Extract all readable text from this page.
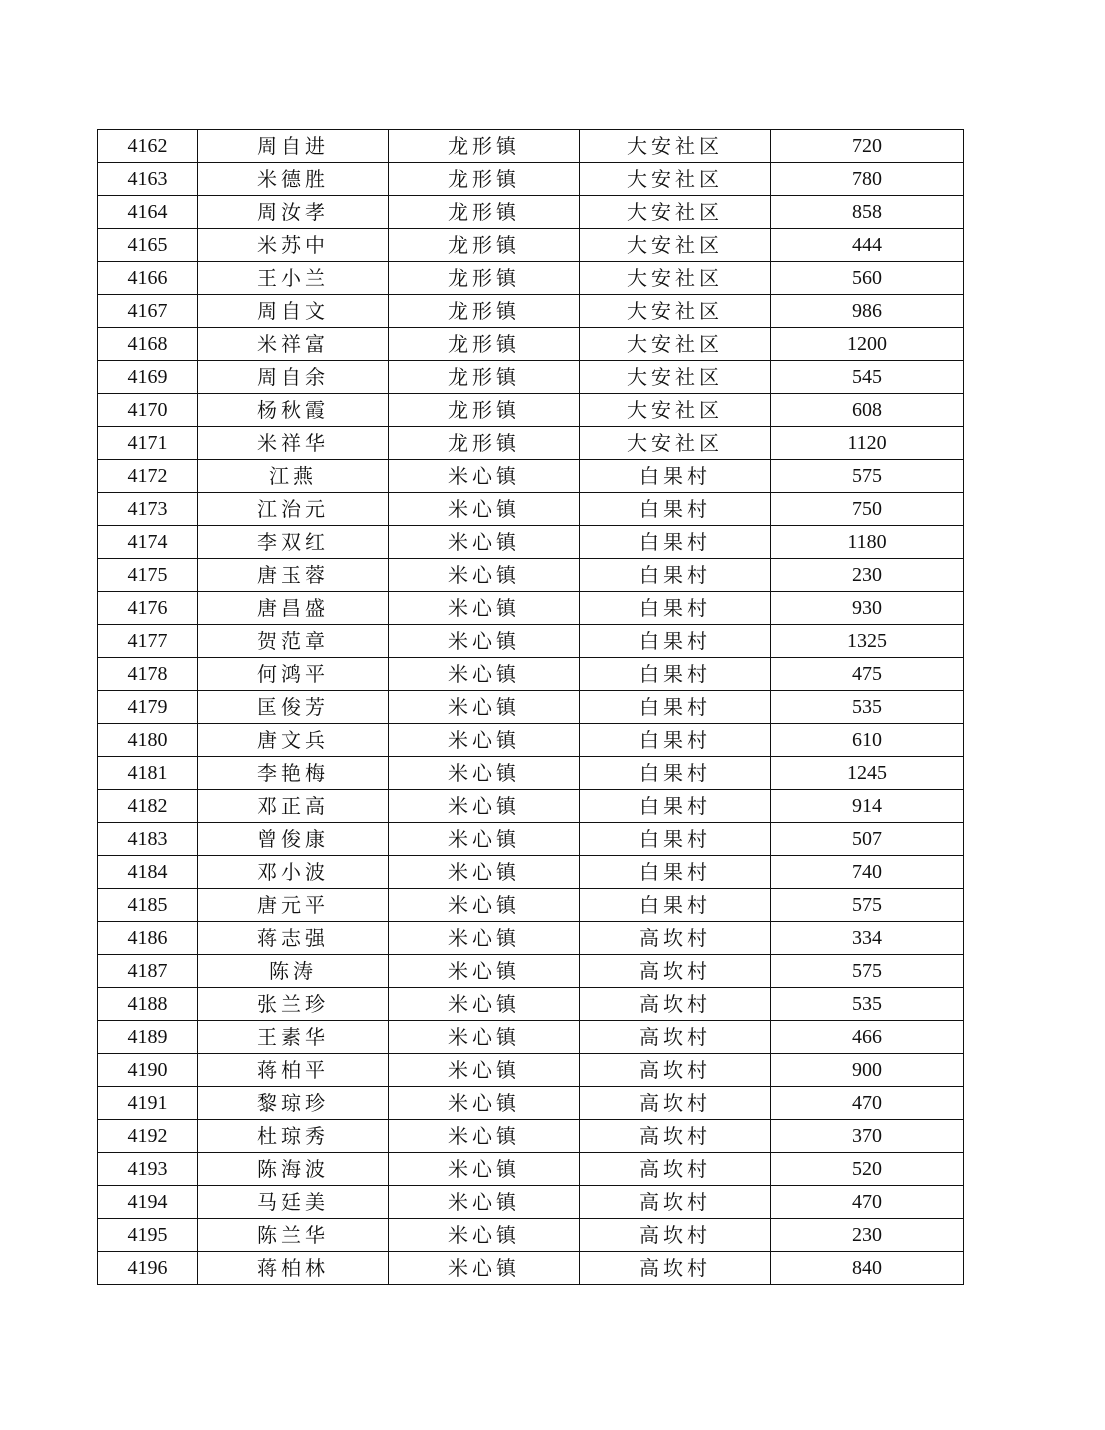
4162	周自进	龙形镇	大安社区	720
4163	米德胜	龙形镇	大安社区	780
4164	周汝孝	龙形镇	大安社区	858
4165	米苏中	龙形镇	大安社区	444
4166	王小兰	龙形镇	大安社区	560
4167	周自文	龙形镇	大安社区	986
4168	米祥富	龙形镇	大安社区	1200
4169	周自余	龙形镇	大安社区	545
4170	杨秋霞	龙形镇	大安社区	608
4171	米祥华	龙形镇	大安社区	1120
4172	江燕	米心镇	白果村	575
4173	江治元	米心镇	白果村	750
4174	李双红	米心镇	白果村	1180
4175	唐玉蓉	米心镇	白果村	230
4176	唐昌盛	米心镇	白果村	930
4177	贺范章	米心镇	白果村	1325
4178	何鸿平	米心镇	白果村	475
4179	匡俊芳	米心镇	白果村	535
4180	唐文兵	米心镇	白果村	610
4181	李艳梅	米心镇	白果村	1245
4182	邓正高	米心镇	白果村	914
4183	曾俊康	米心镇	白果村	507
4184	邓小波	米心镇	白果村	740
4185	唐元平	米心镇	白果村	575
4186	蒋志强	米心镇	高坎村	334
4187	陈涛	米心镇	高坎村	575
4188	张兰珍	米心镇	高坎村	535
4189	王素华	米心镇	高坎村	466
4190	蒋柏平	米心镇	高坎村	900
4191	黎琼珍	米心镇	高坎村	470
4192	杜琼秀	米心镇	高坎村	370
4193	陈海波	米心镇	高坎村	520
4194	马廷美	米心镇	高坎村	470
4195	陈兰华	米心镇	高坎村	230
4196	蒋柏林	米心镇	高坎村	840
